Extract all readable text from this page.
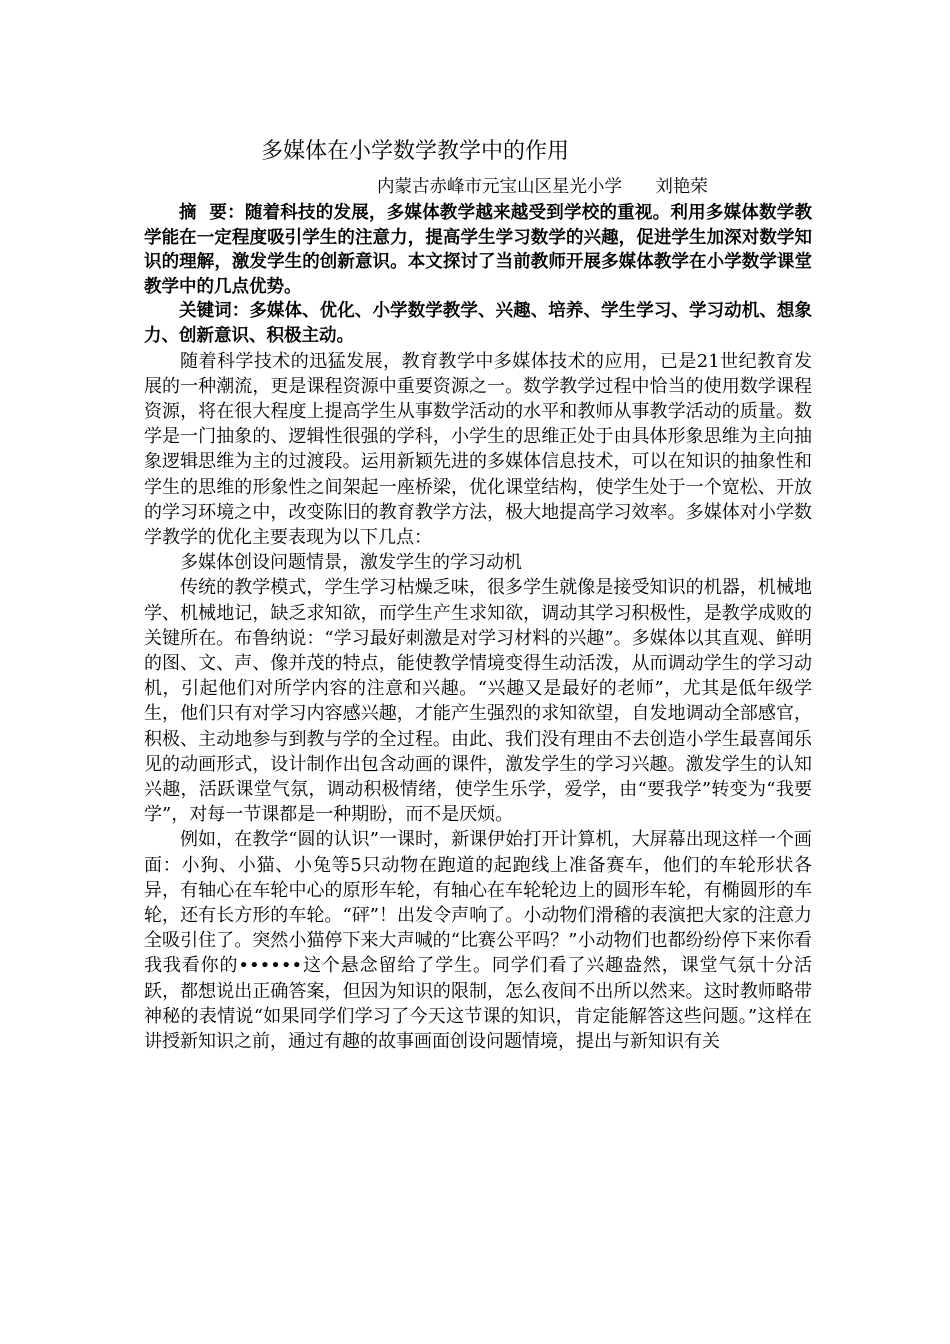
多媒体在小学数学教学中的作用
内蒙古赤峰市元宝山区星光小学      刘艳荣

摘  要：随着科技的发展，多媒体教学越来越受到学校的重视。利用多媒体数学教学能在一定程度吸引学生的注意力，提高学生学习数学的兴趣，促进学生加深对数学知识的理解，激发学生的创新意识。本文探讨了当前教师开展多媒体教学在小学数学课堂教学中的几点优势。

关键词：多媒体、优化、小学数学教学、兴趣、培养、学生学习、学习动机、想象力、创新意识、积极主动。

随着科学技术的迅猛发展，教育教学中多媒体技术的应用，已是21世纪教育发展的一种潮流，更是课程资源中重要资源之一。数学教学过程中恰当的使用数学课程资源，将在很大程度上提高学生从事数学活动的水平和教师从事教学活动的质量。数学是一门抽象的、逻辑性很强的学科，小学生的思维正处于由具体形象思维为主向抽象逻辑思维为主的过渡段。运用新颖先进的多媒体信息技术，可以在知识的抽象性和学生的思维的形象性之间架起一座桥梁，优化课堂结构，使学生处于一个宽松、开放的学习环境之中，改变陈旧的教育教学方法，极大地提高学习效率。多媒体对小学数学教学的优化主要表现为以下几点：

多媒体创设问题情景，激发学生的学习动机

传统的教学模式，学生学习枯燥乏味，很多学生就像是接受知识的机器，机械地学、机械地记，缺乏求知欲，而学生产生求知欲，调动其学习积极性，是教学成败的关键所在。布鲁纳说：“学习最好刺激是对学习材料的兴趣”。多媒体以其直观、鲜明的图、文、声、像并茂的特点，能使教学情境变得生动活泼，从而调动学生的学习动机，引起他们对所学内容的注意和兴趣。“兴趣又是最好的老师”，尤其是低年级学生，他们只有对学习内容感兴趣，才能产生强烈的求知欲望，自发地调动全部感官，积极、主动地参与到教与学的全过程。由此、我们没有理由不去创造小学生最喜闻乐见的动画形式，设计制作出包含动画的课件，激发学生的学习兴趣。激发学生的认知兴趣，活跃课堂气氛，调动积极情绪，使学生乐学，爱学，由“要我学”转变为“我要学”，对每一节课都是一种期盼，而不是厌烦。

例如，在教学“圆的认识”一课时，新课伊始打开计算机，大屏幕出现这样一个画面：小狗、小猫、小兔等5只动物在跑道的起跑线上准备赛车，他们的车轮形状各异，有轴心在车轮中心的原形车轮，有轴心在车轮轮边上的圆形车轮，有椭圆形的车轮，还有长方形的车轮。“砰”！出发令声响了。小动物们滑稽的表演把大家的注意力全吸引住了。突然小猫停下来大声喊的“比赛公平吗？”小动物们也都纷纷停下来你看我我看你的••••••这个悬念留给了学生。同学们看了兴趣盎然，课堂气氛十分活跃，都想说出正确答案，但因为知识的限制，怎么夜间不出所以然来。这时教师略带神秘的表情说“如果同学们学习了今天这节课的知识，肯定能解答这些问题。”这样在讲授新知识之前，通过有趣的故事画面创设问题情境，提出与新知识有关
